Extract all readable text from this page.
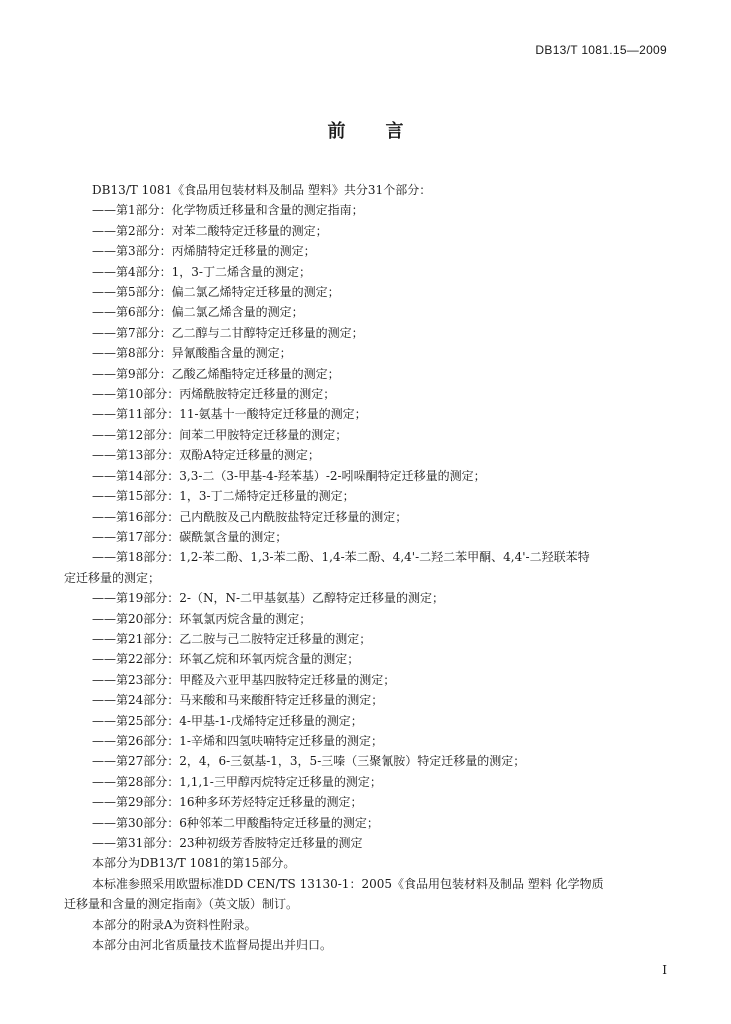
DB13/T 1081.15—2009
前 言
DB13/T 1081《食品用包装材料及制品 塑料》共分31个部分：
——第1部分：化学物质迁移量和含量的测定指南；
——第2部分：对苯二酸特定迁移量的测定；
——第3部分：丙烯腈特定迁移量的测定；
——第4部分：1，3-丁二烯含量的测定；
——第5部分：偏二氯乙烯特定迁移量的测定；
——第6部分：偏二氯乙烯含量的测定；
——第7部分：乙二醇与二甘醇特定迁移量的测定；
——第8部分：异氰酸酯含量的测定；
——第9部分：乙酸乙烯酯特定迁移量的测定；
——第10部分：丙烯酰胺特定迁移量的测定；
——第11部分：11-氨基十一酸特定迁移量的测定；
——第12部分：间苯二甲胺特定迁移量的测定；
——第13部分：双酚A特定迁移量的测定；
——第14部分：3,3-二（3-甲基-4-羟苯基）-2-吲哚酮特定迁移量的测定；
——第15部分：1，3-丁二烯特定迁移量的测定；
——第16部分：己内酰胺及己内酰胺盐特定迁移量的测定；
——第17部分：碳酰氯含量的测定；
——第18部分：1,2-苯二酚、1,3-苯二酚、1,4-苯二酚、4,4'-二羟二苯甲酮、4,4'-二羟联苯特
定迁移量的测定；
——第19部分：2-（N，N-二甲基氨基）乙醇特定迁移量的测定；
——第20部分：环氧氯丙烷含量的测定；
——第21部分：乙二胺与己二胺特定迁移量的测定；
——第22部分：环氧乙烷和环氧丙烷含量的测定；
——第23部分：甲醛及六亚甲基四胺特定迁移量的测定；
——第24部分：马来酸和马来酸酐特定迁移量的测定；
——第25部分：4-甲基-1-戊烯特定迁移量的测定；
——第26部分：1-辛烯和四氢呋喃特定迁移量的测定；
——第27部分：2，4，6-三氨基-1，3，5-三嗪（三聚氰胺）特定迁移量的测定；
——第28部分：1,1,1-三甲醇丙烷特定迁移量的测定；
——第29部分：16种多环芳烃特定迁移量的测定；
——第30部分：6种邻苯二甲酸酯特定迁移量的测定；
——第31部分：23种初级芳香胺特定迁移量的测定
本部分为DB13/T 1081的第15部分。
本标准参照采用欧盟标准DD CEN/TS 13130-1：2005《食品用包装材料及制品 塑料 化学物质
迁移量和含量的测定指南》（英文版）制订。
本部分的附录A为资料性附录。
本部分由河北省质量技术监督局提出并归口。
I
